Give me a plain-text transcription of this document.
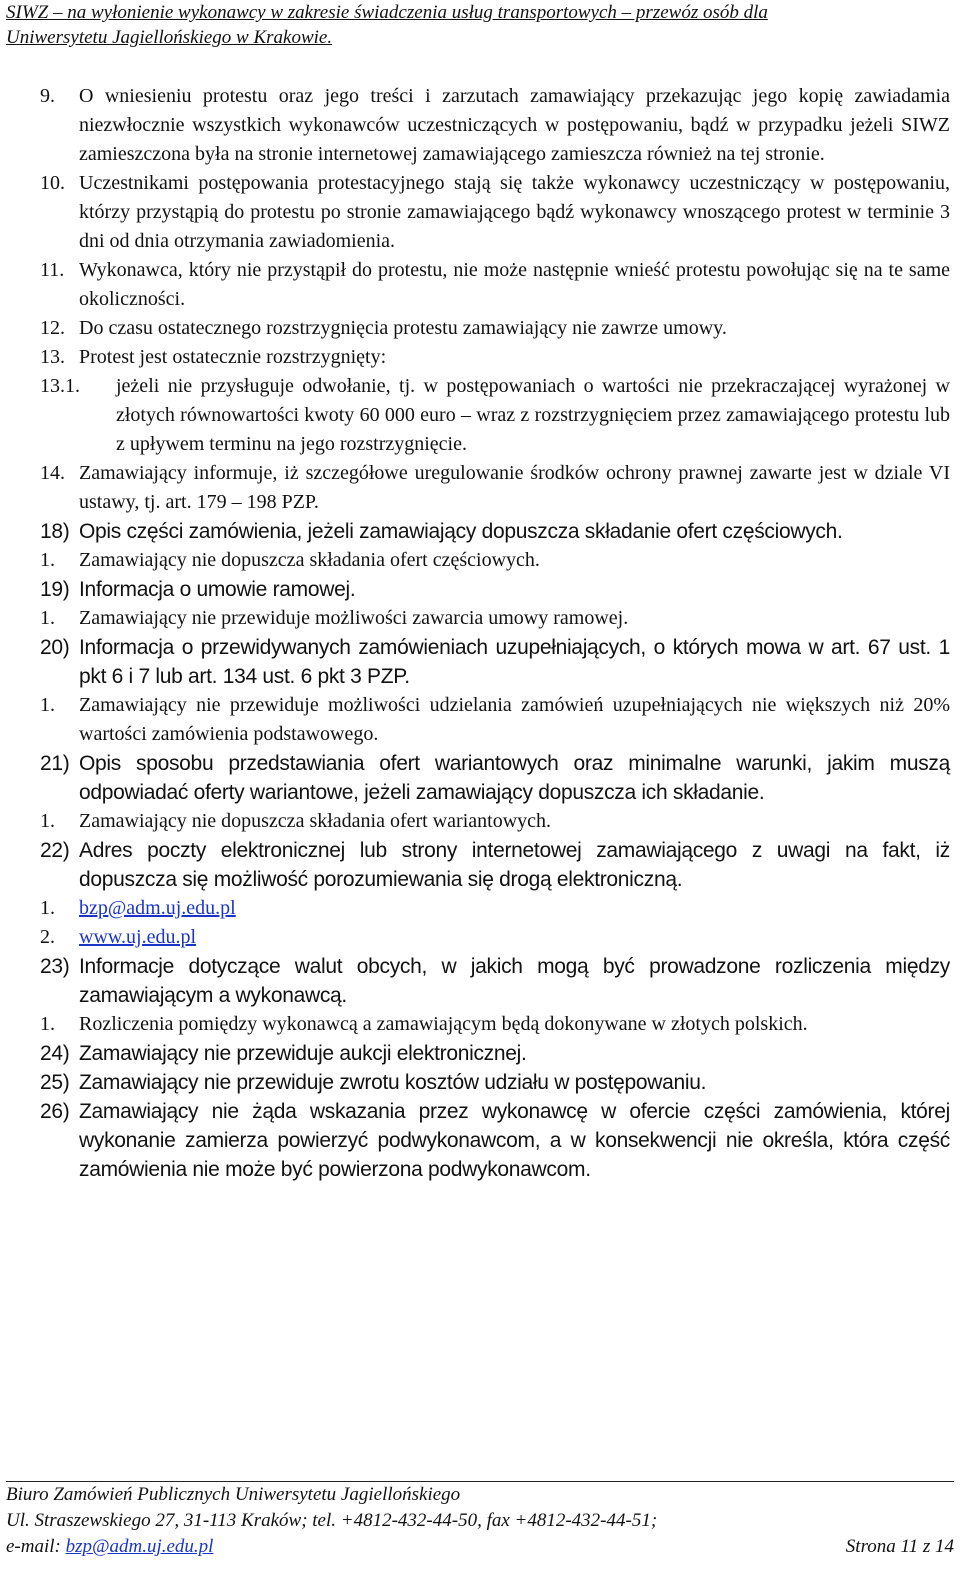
SIWZ – na wyłonienie wykonawcy w zakresie świadczenia usług transportowych – przewóz osób dla
Uniwersytetu Jagiellońskiego w Krakowie.
9.	O wniesieniu protestu oraz jego treści i zarzutach zamawiający przekazując jego kopię zawiadamia niezwłocznie wszystkich wykonawców uczestniczących w postępowaniu, bądź w przypadku jeżeli SIWZ zamieszczona była na stronie internetowej zamawiającego zamieszcza również na tej stronie.
10. Uczestnikami postępowania protestacyjnego stają się także wykonawcy uczestniczący w postępowaniu, którzy przystąpią do protestu po stronie zamawiającego bądź wykonawcy wnoszącego protest w terminie 3 dni od dnia otrzymania zawiadomienia.
11. Wykonawca, który nie przystąpił do protestu, nie może następnie wnieść protestu powołując się na te same okoliczności.
12. Do czasu ostatecznego rozstrzygnięcia protestu zamawiający nie zawrze umowy.
13. Protest jest ostatecznie rozstrzygnięty:
13.1.	jeżeli nie przysługuje odwołanie, tj. w postępowaniach o wartości nie przekraczającej wyrażonej w złotych równowartości kwoty 60 000 euro – wraz z rozstrzygnięciem przez zamawiającego protestu lub z upływem terminu na jego rozstrzygnięcie.
14. Zamawiający informuje, iż szczegółowe uregulowanie środków ochrony prawnej zawarte jest w dziale VI ustawy, tj. art. 179 – 198 PZP.
18) Opis części zamówienia, jeżeli zamawiający dopuszcza składanie ofert częściowych.
1.	Zamawiający nie dopuszcza składania ofert częściowych.
19) Informacja o umowie ramowej.
1.	Zamawiający nie przewiduje możliwości zawarcia umowy ramowej.
20) Informacja o przewidywanych zamówieniach uzupełniających, o których mowa w art. 67 ust. 1 pkt 6 i 7 lub art. 134 ust. 6 pkt 3 PZP.
1.	Zamawiający nie przewiduje możliwości udzielania zamówień uzupełniających nie większych niż 20% wartości zamówienia podstawowego.
21) Opis sposobu przedstawiania ofert wariantowych oraz minimalne warunki, jakim muszą odpowiadać oferty wariantowe, jeżeli zamawiający dopuszcza ich składanie.
1.	Zamawiający nie dopuszcza składania ofert wariantowych.
22) Adres poczty elektronicznej lub strony internetowej zamawiającego z uwagi na fakt, iż dopuszcza się możliwość porozumiewania się drogą elektroniczną.
1.	bzp@adm.uj.edu.pl
2.	www.uj.edu.pl
23) Informacje dotyczące walut obcych, w jakich mogą być prowadzone rozliczenia między zamawiającym a wykonawcą.
1.	Rozliczenia pomiędzy wykonawcą a zamawiającym będą dokonywane w złotych polskich.
24) Zamawiający nie przewiduje aukcji elektronicznej.
25) Zamawiający nie przewiduje zwrotu kosztów udziału w postępowaniu.
26) Zamawiający nie żąda wskazania przez wykonawcę w ofercie części zamówienia, której wykonanie zamierza powierzyć podwykonawcom, a w konsekwencji nie określa, która część zamówienia nie może być powierzona podwykonawcom.
Biuro Zamówień Publicznych Uniwersytetu Jagiellońskiego
Ul. Straszewskiego 27, 31-113 Kraków; tel. +4812-432-44-50, fax +4812-432-44-51;
e-mail: bzp@adm.uj.edu.pl	Strona 11 z 14
